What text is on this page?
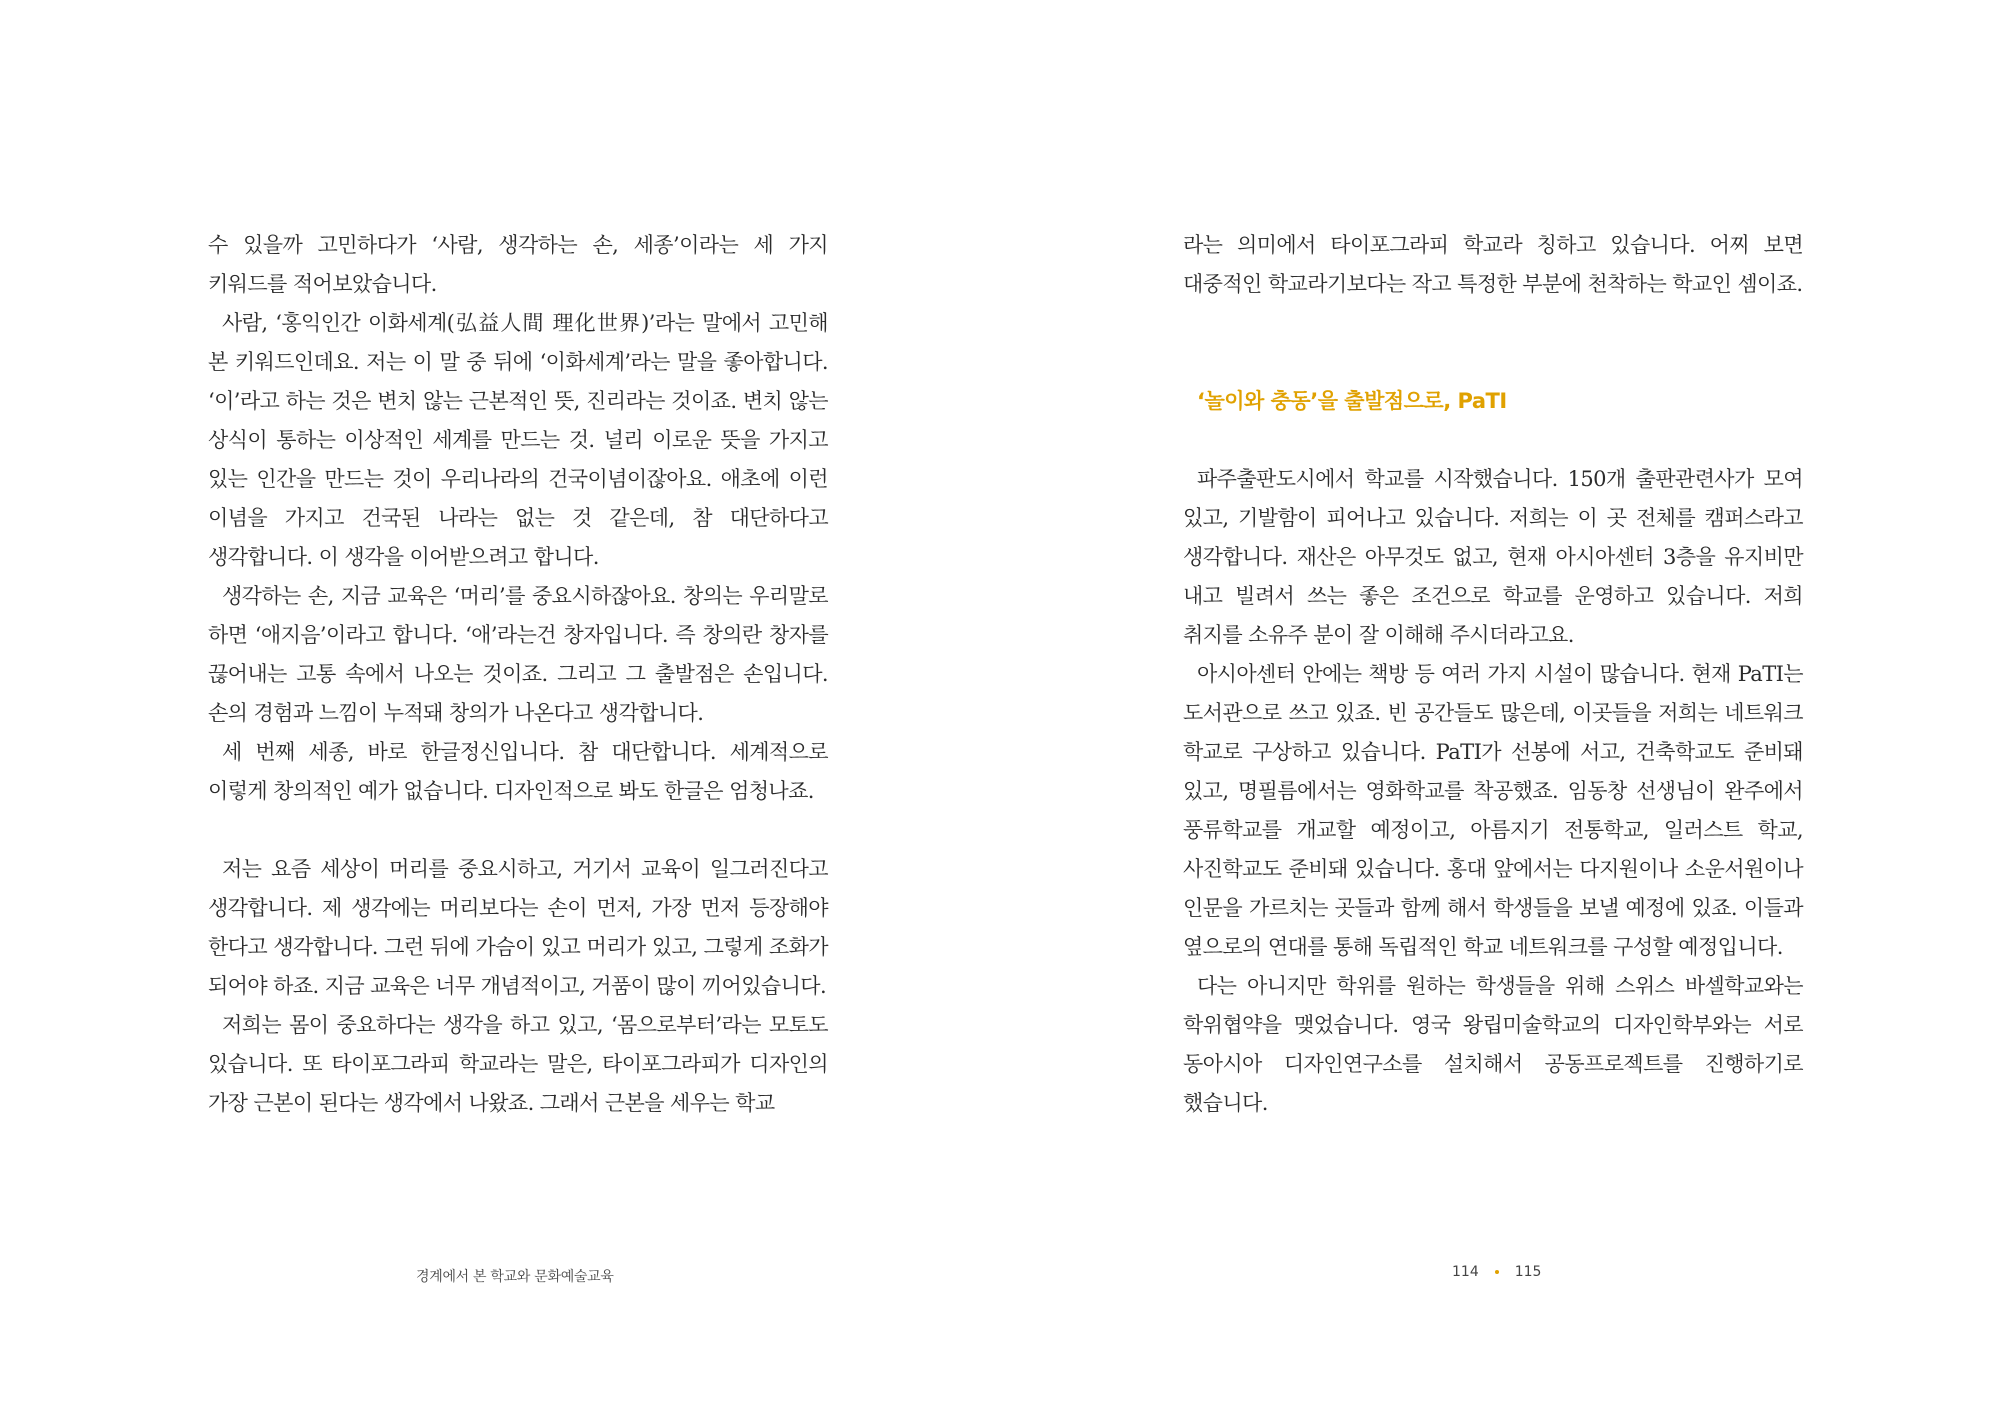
수 있을까 고민하다가 ‘사람, 생각하는 손, 세종’이라는 세 가지 키워드를 적어보았습니다.

사람, ‘홍익인간 이화세계(弘益人間 理化世界)’라는 말에서 고민해 본 키워드인데요. 저는 이 말 중 뒤에 ‘이화세계’라는 말을 좋아합니다. ‘이’라고 하는 것은 변치 않는 근본적인 뜻, 진리라는 것이죠. 변치 않는 상식이 통하는 이상적인 세계를 만드는 것. 널리 이로운 뜻을 가지고 있는 인간을 만드는 것이 우리나라의 건국이념이잖아요. 애초에 이런 이념을 가지고 건국된 나라는 없는 것 같은데, 참 대단하다고 생각합니다. 이 생각을 이어받으려고 합니다.

생각하는 손, 지금 교육은 ‘머리’를 중요시하잖아요. 창의는 우리말로 하면 ‘애지음’이라고 합니다. ‘애’라는건 창자입니다. 즉 창의란 창자를 끊어내는 고통 속에서 나오는 것이죠. 그리고 그 출발점은 손입니다. 손의 경험과 느낌이 누적돼 창의가 나온다고 생각합니다.

세 번째 세종, 바로 한글정신입니다. 참 대단합니다. 세계적으로 이렇게 창의적인 예가 없습니다. 디자인적으로 봐도 한글은 엄청나죠.

저는 요즘 세상이 머리를 중요시하고, 거기서 교육이 일그러진다고 생각합니다. 제 생각에는 머리보다는 손이 먼저, 가장 먼저 등장해야 한다고 생각합니다. 그런 뒤에 가슴이 있고 머리가 있고, 그렇게 조화가 되어야 하죠. 지금 교육은 너무 개념적이고, 거품이 많이 끼어있습니다.

저희는 몸이 중요하다는 생각을 하고 있고, ‘몸으로부터’라는 모토도 있습니다. 또 타이포그라피 학교라는 말은, 타이포그라피가 디자인의 가장 근본이 된다는 생각에서 나왔죠. 그래서 근본을 세우는 학교

경계에서 본 학교와 문화예술교육

라는 의미에서 타이포그라피 학교라 칭하고 있습니다. 어찌 보면 대중적인 학교라기보다는 작고 특정한 부분에 천착하는 학교인 셈이죠.

‘놀이와 충동’을 출발점으로, PaTI

파주출판도시에서 학교를 시작했습니다. 150개 출판관련사가 모여 있고, 기발함이 피어나고 있습니다. 저희는 이 곳 전체를 캠퍼스라고 생각합니다. 재산은 아무것도 없고, 현재 아시아센터 3층을 유지비만 내고 빌려서 쓰는 좋은 조건으로 학교를 운영하고 있습니다. 저희 취지를 소유주 분이 잘 이해해 주시더라고요.

아시아센터 안에는 책방 등 여러 가지 시설이 많습니다. 현재 PaTI는 도서관으로 쓰고 있죠. 빈 공간들도 많은데, 이곳들을 저희는 네트워크 학교로 구상하고 있습니다. PaTI가 선봉에 서고, 건축학교도 준비돼 있고, 명필름에서는 영화학교를 착공했죠. 임동창 선생님이 완주에서 풍류학교를 개교할 예정이고, 아름지기 전통학교, 일러스트 학교, 사진학교도 준비돼 있습니다. 홍대 앞에서는 다지원이나 소운서원이나 인문을 가르치는 곳들과 함께 해서 학생들을 보낼 예정에 있죠. 이들과 옆으로의 연대를 통해 독립적인 학교 네트워크를 구성할 예정입니다.

다는 아니지만 학위를 원하는 학생들을 위해 스위스 바셀학교와는 학위협약을 맺었습니다. 영국 왕립미술학교의 디자인학부와는 서로 동아시아 디자인연구소를 설치해서 공동프로젝트를 진행하기로 했습니다.

114	115
